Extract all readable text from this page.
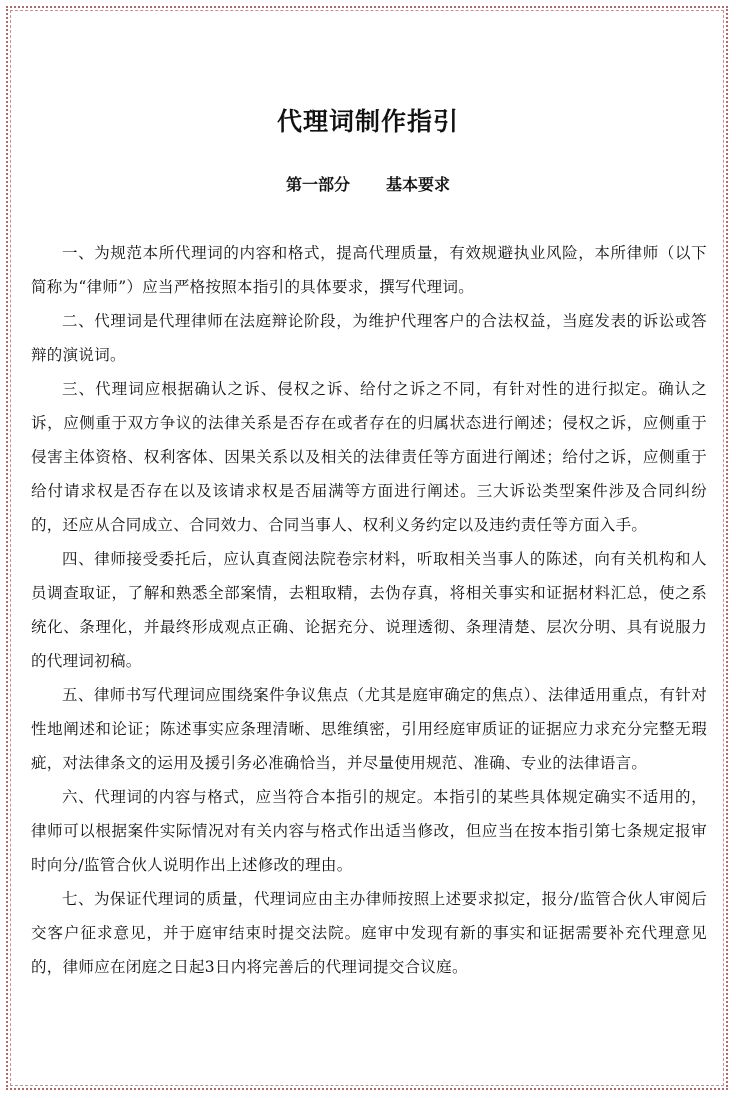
代理词制作指引
第一部分 基本要求

一、为规范本所代理词的内容和格式，提高代理质量，有效规避执业风险，本所律师（以下简称为“律师”）应当严格按照本指引的具体要求，撰写代理词。

二、代理词是代理律师在法庭辩论阶段，为维护代理客户的合法权益，当庭发表的诉讼或答辩的演说词。

三、代理词应根据确认之诉、侵权之诉、给付之诉之不同，有针对性的进行拟定。确认之诉，应侧重于双方争议的法律关系是否存在或者存在的归属状态进行阐述；侵权之诉，应侧重于侵害主体资格、权利客体、因果关系以及相关的法律责任等方面进行阐述；给付之诉，应侧重于给付请求权是否存在以及该请求权是否届满等方面进行阐述。三大诉讼类型案件涉及合同纠纷的，还应从合同成立、合同效力、合同当事人、权利义务约定以及违约责任等方面入手。

四、律师接受委托后，应认真查阅法院卷宗材料，听取相关当事人的陈述，向有关机构和人员调查取证，了解和熟悉全部案情，去粗取精，去伪存真，将相关事实和证据材料汇总，使之系统化、条理化，并最终形成观点正确、论据充分、说理透彻、条理清楚、层次分明、具有说服力的代理词初稿。

五、律师书写代理词应围绕案件争议焦点（尤其是庭审确定的焦点）、法律适用重点，有针对性地阐述和论证；陈述事实应条理清晰、思维缜密，引用经庭审质证的证据应力求充分完整无瑕疵，对法律条文的运用及援引务必准确恰当，并尽量使用规范、准确、专业的法律语言。

六、代理词的内容与格式，应当符合本指引的规定。本指引的某些具体规定确实不适用的，律师可以根据案件实际情况对有关内容与格式作出适当修改，但应当在按本指引第七条规定报审时向分/监管合伙人说明作出上述修改的理由。

七、为保证代理词的质量，代理词应由主办律师按照上述要求拟定，报分/监管合伙人审阅后交客户征求意见，并于庭审结束时提交法院。庭审中发现有新的事实和证据需要补充代理意见的，律师应在闭庭之日起3日内将完善后的代理词提交合议庭。
